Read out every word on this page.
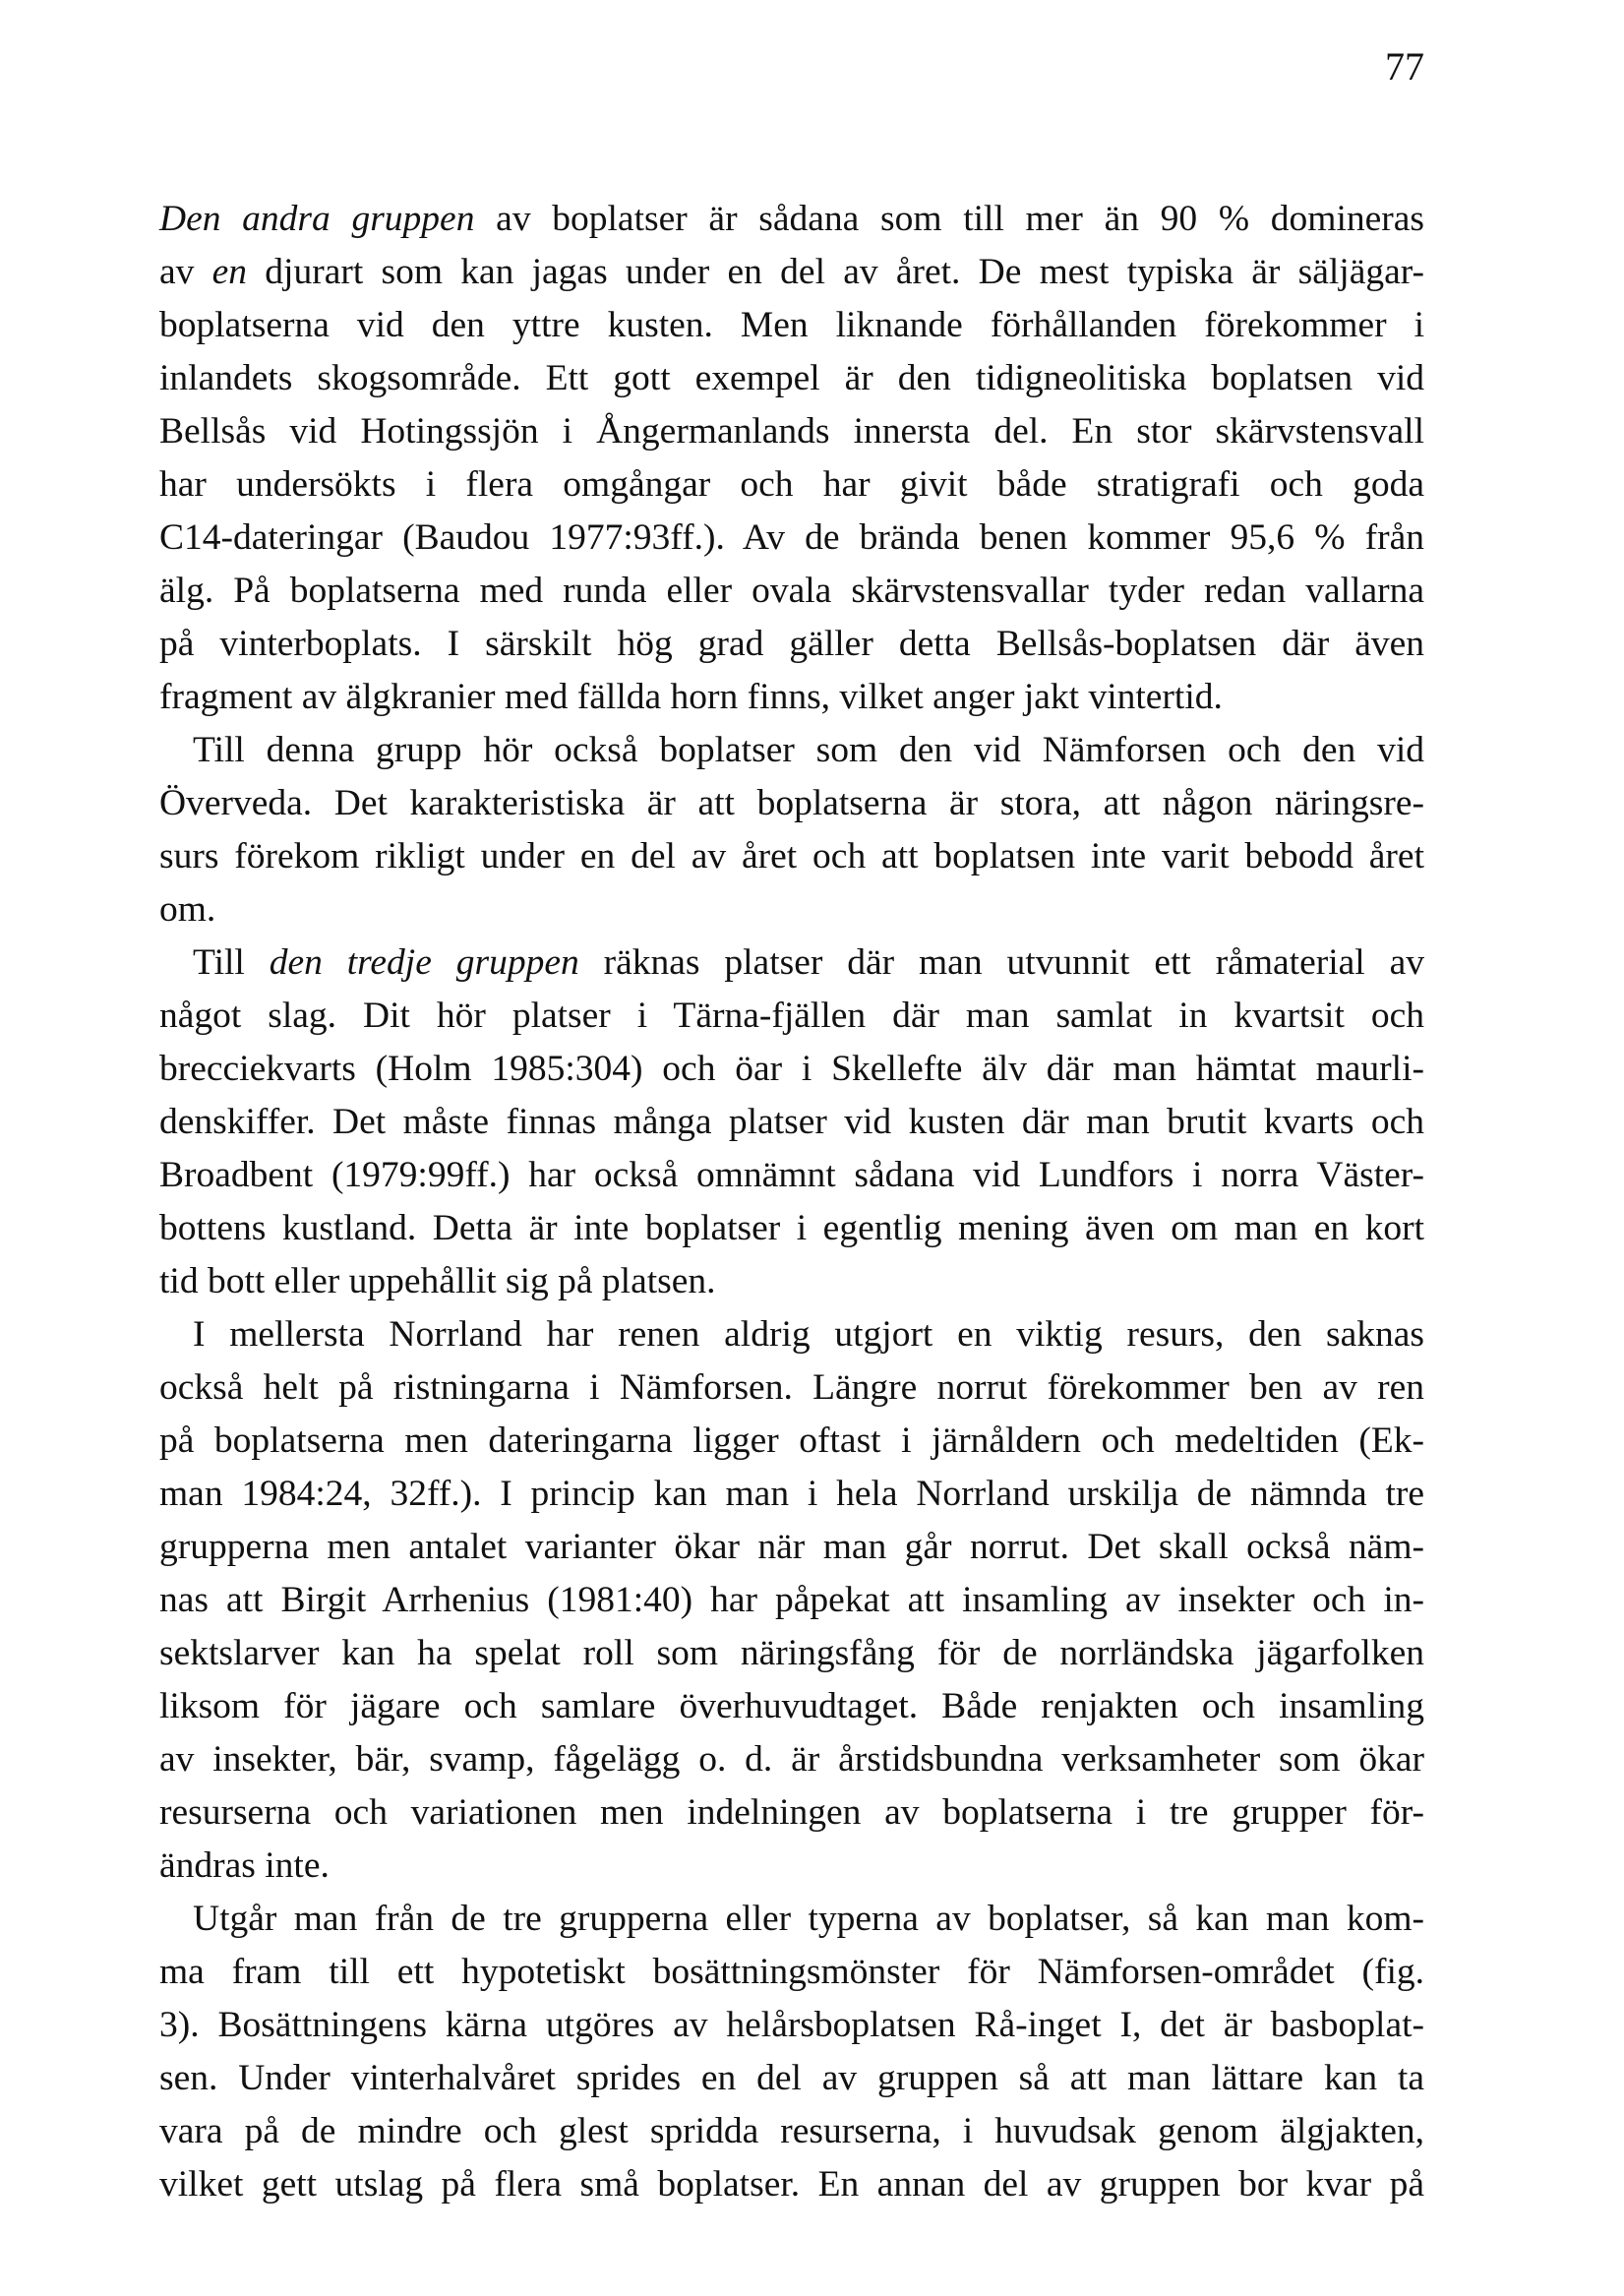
77

Den andra gruppen av boplatser är sådana som till mer än 90 % domineras
av en djurart som kan jagas under en del av året. De mest typiska är säljägar-
boplatserna vid den yttre kusten. Men liknande förhållanden förekommer i
inlandets skogsområde. Ett gott exempel är den tidigneolitiska boplatsen vid
Bellsås vid Hotingssjön i Ångermanlands innersta del. En stor skärvstensvall
har undersökts i flera omgångar och har givit både stratigrafi och goda
C14-dateringar (Baudou 1977:93ff.). Av de brända benen kommer 95,6 % från
älg. På boplatserna med runda eller ovala skärvstensvallar tyder redan vallarna
på vinterboplats. I särskilt hög grad gäller detta Bellsås-boplatsen där även
fragment av älgkranier med fällda horn finns, vilket anger jakt vintertid.

Till denna grupp hör också boplatser som den vid Nämforsen och den vid
Överveda. Det karakteristiska är att boplatserna är stora, att någon näringsre-
surs förekom rikligt under en del av året och att boplatsen inte varit bebodd året
om.

Till den tredje gruppen räknas platser där man utvunnit ett råmaterial av
något slag. Dit hör platser i Tärna-fjällen där man samlat in kvartsit och
brecciekvarts (Holm 1985:304) och öar i Skellefte älv där man hämtat maurli-
denskiffer. Det måste finnas många platser vid kusten där man brutit kvarts och
Broadbent (1979:99ff.) har också omnämnt sådana vid Lundfors i norra Väster-
bottens kustland. Detta är inte boplatser i egentlig mening även om man en kort
tid bott eller uppehållit sig på platsen.

I mellersta Norrland har renen aldrig utgjort en viktig resurs, den saknas
också helt på ristningarna i Nämforsen. Längre norrut förekommer ben av ren
på boplatserna men dateringarna ligger oftast i järnåldern och medeltiden (Ek-
man 1984:24, 32ff.). I princip kan man i hela Norrland urskilja de nämnda tre
grupperna men antalet varianter ökar när man går norrut. Det skall också näm-
nas att Birgit Arrhenius (1981:40) har påpekat att insamling av insekter och in-
sektslarver kan ha spelat roll som näringsfång för de norrländska jägarfolken
liksom för jägare och samlare överhuvudtaget. Både renjakten och insamling
av insekter, bär, svamp, fågelägg o. d. är årstidsbundna verksamheter som ökar
resurserna och variationen men indelningen av boplatserna i tre grupper för-
ändras inte.

Utgår man från de tre grupperna eller typerna av boplatser, så kan man kom-
ma fram till ett hypotetiskt bosättningsmönster för Nämforsen-området (fig.
3). Bosättningens kärna utgöres av helårsboplatsen Rå-inget I, det är basboplat-
sen. Under vinterhalvåret sprides en del av gruppen så att man lättare kan ta
vara på de mindre och glest spridda resurserna, i huvudsak genom älgjakten,
vilket gett utslag på flera små boplatser. En annan del av gruppen bor kvar på
